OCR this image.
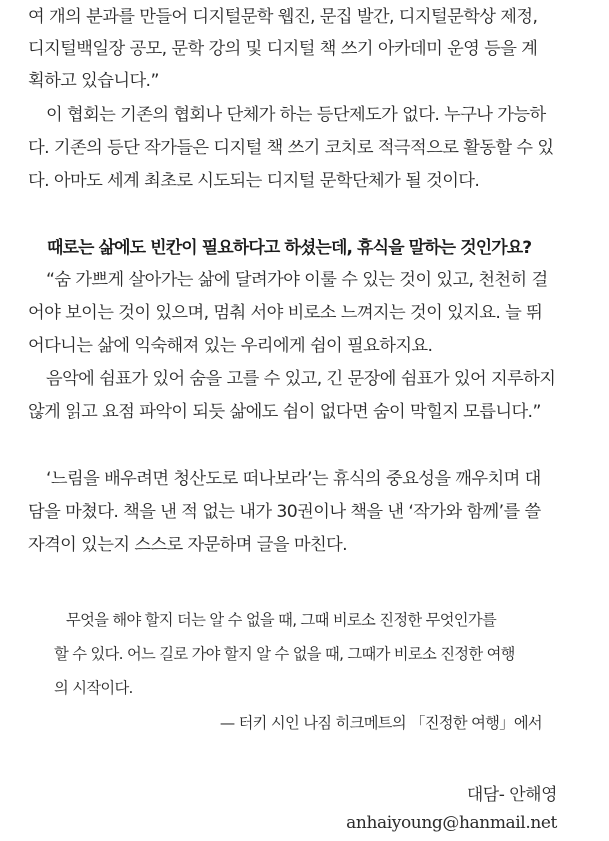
여 개의 분과를 만들어 디지털문학 웹진, 문집 발간, 디지털문학상 제정,
디지털백일장 공모, 문학 강의 및 디지털 책 쓰기 아카데미 운영 등을 계
획하고 있습니다.”
이 협회는 기존의 협회나 단체가 하는 등단제도가 없다. 누구나 가능하
다. 기존의 등단 작가들은 디지털 책 쓰기 코치로 적극적으로 활동할 수 있
다. 아마도 세계 최초로 시도되는 디지털 문학단체가 될 것이다.
때로는 삶에도 빈칸이 필요하다고 하셨는데, 휴식을 말하는 것인가요?
“숨 가쁘게 살아가는 삶에 달려가야 이룰 수 있는 것이 있고, 천천히 걸
어야 보이는 것이 있으며, 멈춰 서야 비로소 느껴지는 것이 있지요. 늘 뛰
어다니는 삶에 익숙해져 있는 우리에게 쉼이 필요하지요.
음악에 쉼표가 있어 숨을 고를 수 있고, 긴 문장에 쉼표가 있어 지루하지
않게 읽고 요점 파악이 되듯 삶에도 쉼이 없다면 숨이 막힐지 모릅니다.”
‘느림을 배우려면 청산도로 떠나보라’는 휴식의 중요성을 깨우치며 대
담을 마쳤다. 책을 낸 적 없는 내가 30권이나 책을 낸 ‘작가와 함께’를 쓸
자격이 있는지 스스로 자문하며 글을 마친다.
무엇을 해야 할지 더는 알 수 없을 때, 그때 비로소 진정한 무엇인가를
할 수 있다. 어느 길로 가야 할지 알 수 없을 때, 그때가 비로소 진정한 여행
의 시작이다.
— 터키 시인 나짐 히크메트의 「진정한 여행」에서
대담- 안해영
anhaiyoung@hanmail.net
